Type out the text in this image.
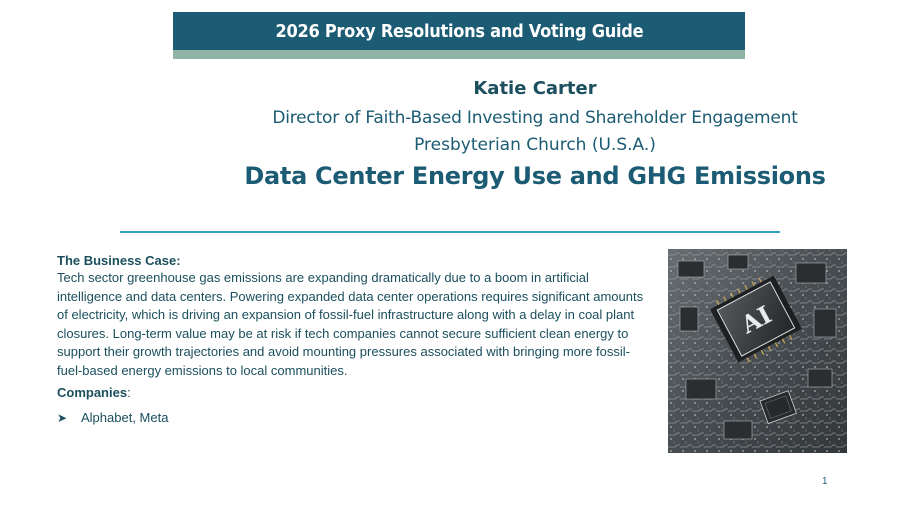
2026 Proxy Resolutions and Voting Guide
Katie Carter
Director of Faith-Based Investing and Shareholder Engagement
Presbyterian Church (U.S.A.)
Data Center Energy Use and GHG Emissions
The Business Case:
Tech sector greenhouse gas emissions are expanding dramatically due to a boom in artificial intelligence and data centers. Powering expanded data center operations requires significant amounts of electricity, which is driving an expansion of fossil-fuel infrastructure along with a delay in coal plant closures. Long-term value may be at risk if tech companies cannot secure sufficient clean energy to support their growth trajectories and avoid mounting pressures associated with bringing more fossil-fuel-based energy emissions to local communities.
Companies:
➤	Alphabet, Meta
AI
1
